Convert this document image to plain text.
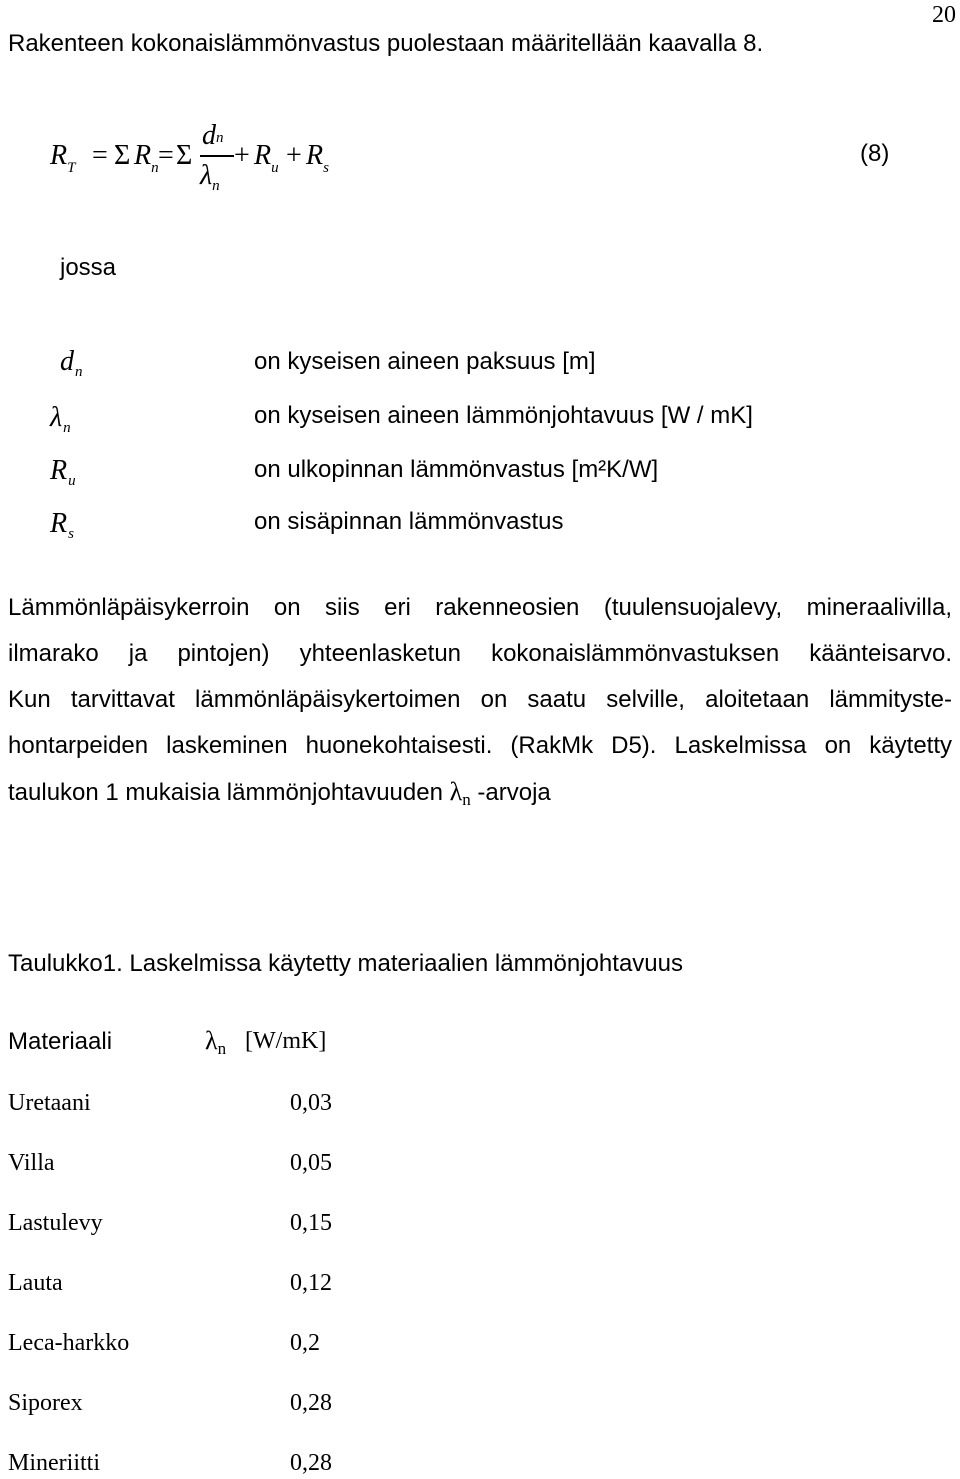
20
Rakenteen kokonaislämmönvastus puolestaan määritellään kaavalla 8.
$R_T = \Sigma$ $R_n = \Sigma$
dn
$\lambda_n$
+ $R_u + R_s$
(8)
jossa
$d_n$	on kyseisen aineen paksuus [m]
$\lambda_n$	on kyseisen aineen lämmönjohtavuus [W / mK]
$R_u$	on ulkopinnan lämmönvastus [m²K/W]
$R_s$	on sisäpinnan lämmönvastus
Lämmönläpäisykerroin on siis eri rakenneosien (tuulensuojalevy, mineraalivilla,
ilmarako ja pintojen) yhteenlasketun kokonaislämmönvastuksen käänteisarvo.
Kun tarvittavat lämmönläpäisykertoimen on saatu selville, aloitetaan lämmityste-
hontarpeiden laskeminen huonekohtaisesti. (RakMk D5). Laskelmissa on käytetty
taulukon 1 mukaisia lämmönjohtavuuden $\lambda_n$ -arvoja
Taulukko1. Laskelmissa käytetty materiaalien lämmönjohtavuus
Materiaali	λn [W/mK]
Uretaani	0,03
Villa	0,05
Lastulevy	0,15
Lauta	0,12
Leca-harkko	0,2
Siporex	0,28
Mineriitti	0,28
